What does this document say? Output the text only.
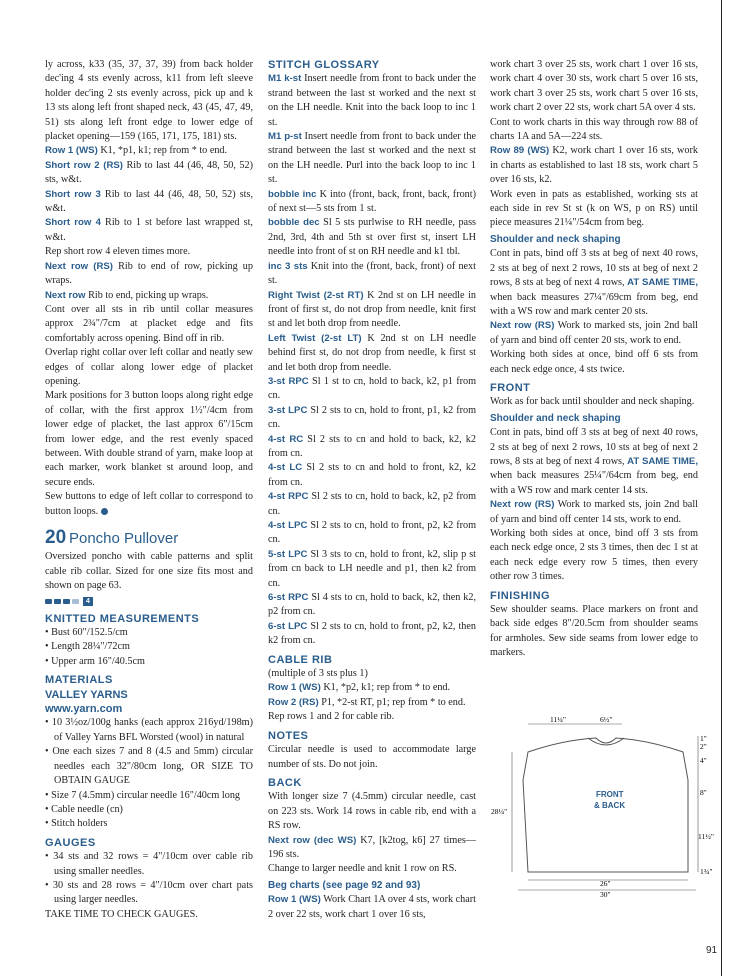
ly across, k33 (35, 37, 37, 39) from back holder dec'ing 4 sts evenly across, k11 from left sleeve holder dec'ing 2 sts evenly across, pick up and k 13 sts along left front shaped neck, 43 (45, 47, 49, 51) sts along left front edge to lower edge of placket opening—159 (165, 171, 175, 181) sts.

Row 1 (WS) K1, *p1, k1; rep from * to end.

Short row 2 (RS) Rib to last 44 (46, 48, 50, 52) sts, w&t.

Short row 3 Rib to last 44 (46, 48, 50, 52) sts, w&t.

Short row 4 Rib to 1 st before last wrapped st, w&t.

Rep short row 4 eleven times more.

Next row (RS) Rib to end of row, picking up wraps.

Next row Rib to end, picking up wraps.

Cont over all sts in rib until collar measures approx 2¾"/7cm at placket edge and fits comfortably across opening. Bind off in rib.

Overlap right collar over left collar and neatly sew edges of collar along lower edge of placket opening.

Mark positions for 3 button loops along right edge of collar, with the first approx 1½"/4cm from lower edge of placket, the last approx 6"/15cm from lower edge, and the rest evenly spaced between. With double strand of yarn, make loop at each marker, work blanket st around loop, and secure ends.

Sew buttons to edge of left collar to correspond to button loops.

20 Poncho Pullover

Oversized poncho with cable patterns and split cable rib collar. Sized for one size fits most and shown on page 63.

4
KNITTED MEASUREMENTS
• Bust 60"/152.5/cm
• Length 28¼"/72cm
• Upper arm 16"/40.5cm
MATERIALS
VALLEY YARNS
www.yarn.com
• 10 3½oz/100g hanks (each approx 216yd/198m) of Valley Yarns BFL Worsted (wool) in natural
• One each sizes 7 and 8 (4.5 and 5mm) circular needles each 32"/80cm long, OR SIZE TO OBTAIN GAUGE
• Size 7 (4.5mm) circular needle 16"/40cm long
• Cable needle (cn)
• Stitch holders
GAUGES
• 34 sts and 32 rows = 4"/10cm over cable rib using smaller needles.
• 30 sts and 28 rows = 4"/10cm over chart pats using larger needles.

TAKE TIME TO CHECK GAUGES.

STITCH GLOSSARY

M1 k-st Insert needle from front to back under the strand between the last st worked and the next st on the LH needle. Knit into the back loop to inc 1 st.

M1 p-st Insert needle from front to back under the strand between the last st worked and the next st on the LH needle. Purl into the back loop to inc 1 st.

bobble inc K into (front, back, front, back, front) of next st—5 sts from 1 st.

bobble dec Sl 5 sts purlwise to RH needle, pass 2nd, 3rd, 4th and 5th st over first st, insert LH needle into front of st on RH needle and k1 tbl.

inc 3 sts Knit into the (front, back, front) of next st.

Right Twist (2-st RT) K 2nd st on LH needle in front of first st, do not drop from needle, knit first st and let both drop from needle.

Left Twist (2-st LT) K 2nd st on LH needle behind first st, do not drop from needle, k first st and let both drop from needle.

3-st RPC Sl 1 st to cn, hold to back, k2, p1 from cn.

3-st LPC Sl 2 sts to cn, hold to front, p1, k2 from cn.

4-st RC Sl 2 sts to cn and hold to back, k2, k2 from cn.

4-st LC Sl 2 sts to cn and hold to front, k2, k2 from cn.

4-st RPC Sl 2 sts to cn, hold to back, k2, p2 from cn.

4-st LPC Sl 2 sts to cn, hold to front, p2, k2 from cn.

5-st LPC Sl 3 sts to cn, hold to front, k2, slip p st from cn back to LH needle and p1, then k2 from cn.

6-st RPC Sl 4 sts to cn, hold to back, k2, then k2, p2 from cn.

6-st LPC Sl 2 sts to cn, hold to front, p2, k2, then k2 from cn.

CABLE RIB

(multiple of 3 sts plus 1)

Row 1 (WS) K1, *p2, k1; rep from * to end.

Row 2 (RS) P1, *2-st RT, p1; rep from * to end.

Rep rows 1 and 2 for cable rib.

NOTES

Circular needle is used to accommodate large number of sts. Do not join.

BACK

With longer size 7 (4.5mm) circular needle, cast on 223 sts. Work 14 rows in cable rib, end with a RS row.

Next row (dec WS) K7, [k2tog, k6] 27 times—196 sts.

Change to larger needle and knit 1 row on RS.

Beg charts (see page 92 and 93)

Row 1 (WS) Work Chart 1A over 4 sts, work chart 2 over 22 sts, work chart 1 over 16 sts,

work chart 3 over 25 sts, work chart 1 over 16 sts, work chart 4 over 30 sts, work chart 5 over 16 sts, work chart 3 over 25 sts, work chart 5 over 16 sts, work chart 2 over 22 sts, work chart 5A over 4 sts.

Cont to work charts in this way through row 88 of charts 1A and 5A—224 sts.

Row 89 (WS) K2, work chart 1 over 16 sts, work in charts as established to last 18 sts, work chart 5 over 16 sts, k2.

Work even in pats as established, working sts at each side in rev St st (k on WS, p on RS) until piece measures 21¼"/54cm from beg.

Shoulder and neck shaping

Cont in pats, bind off 3 sts at beg of next 40 rows, 2 sts at beg of next 2 rows, 10 sts at beg of next 2 rows, 8 sts at beg of next 4 rows, AT SAME TIME, when back measures 27¼"/69cm from beg, end with a WS row and mark center 20 sts.

Next row (RS) Work to marked sts, join 2nd ball of yarn and bind off center 20 sts, work to end.

Working both sides at once, bind off 6 sts from each neck edge once, 4 sts twice.

FRONT

Work as for back until shoulder and neck shaping.

Shoulder and neck shaping

Cont in pats, bind off 3 sts at beg of next 40 rows, 2 sts at beg of next 2 rows, 10 sts at beg of next 2 rows, 8 sts at beg of next 4 rows, AT SAME TIME, when back measures 25¼"/64cm from beg, end with a WS row and mark center 14 sts.

Next row (RS) Work to marked sts, join 2nd ball of yarn and bind off center 14 sts, work to end.

Working both sides at once, bind off 3 sts from each neck edge once, 2 sts 3 times, then dec 1 st at each neck edge every row 5 times, then every other row 3 times.

FINISHING

Sew shoulder seams. Place markers on front and back side edges 8"/20.5cm from shoulder seams for armholes. Sew side seams from lower edge to markers.

11¼"	6½"
1"
2"
4"
8"
11½"
1¾"
28¼"
26"
30"
FRONT
& BACK
91
